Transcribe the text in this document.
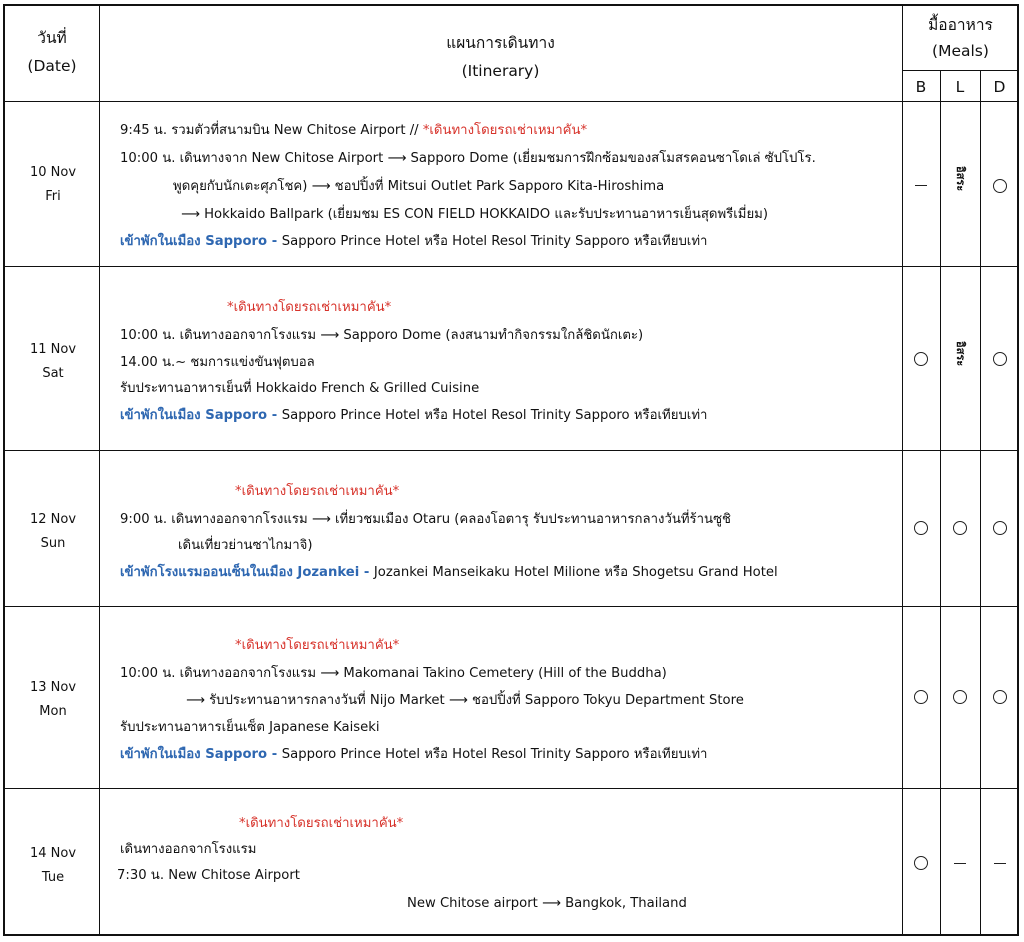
วันที่
(Date)
แผนการเดินทาง
(Itinerary)
มื้ออาหาร
(Meals)
B	L	D
10 Nov
Fri
9:45 น. รวมตัวที่สนามบิน New Chitose Airport // *เดินทางโดยรถเช่าเหมาคัน*
10:00 น. เดินทางจาก New Chitose Airport ⟶ Sapporo Dome (เยี่ยมชมการฝึกซ้อมของสโมสรคอนซาโดเล่ ซัปโปโร.
พูดคุยกับนักเตะศุภโชค) ⟶ ชอปปิ้งที่ Mitsui Outlet Park Sapporo Kita-Hiroshima
⟶ Hokkaido Ballpark (เยี่ยมชม ES CON FIELD HOKKAIDO และรับประทานอาหารเย็นสุดพรีเมี่ยม)
เข้าพักในเมือง Sapporo - Sapporo Prince Hotel หรือ Hotel Resol Trinity Sapporo หรือเทียบเท่า
อิสระ
11 Nov
Sat
*เดินทางโดยรถเช่าเหมาคัน*
10:00 น. เดินทางออกจากโรงแรม ⟶ Sapporo Dome (ลงสนามทำกิจกรรมใกล้ชิดนักเตะ)
14.00 น.~ ชมการแข่งขันฟุตบอล
รับประทานอาหารเย็นที่ Hokkaido French & Grilled Cuisine
เข้าพักในเมือง Sapporo - Sapporo Prince Hotel หรือ Hotel Resol Trinity Sapporo หรือเทียบเท่า
อิสระ
12 Nov
Sun
*เดินทางโดยรถเช่าเหมาคัน*
9:00 น. เดินทางออกจากโรงแรม ⟶ เที่ยวชมเมือง Otaru (คลองโอตารุ รับประทานอาหารกลางวันที่ร้านซูชิ
เดินเที่ยวย่านซาไกมาจิ)
เข้าพักโรงแรมออนเซ็นในเมือง Jozankei - Jozankei Manseikaku Hotel Milione หรือ Shogetsu Grand Hotel
13 Nov
Mon
*เดินทางโดยรถเช่าเหมาคัน*
10:00 น. เดินทางออกจากโรงแรม ⟶ Makomanai Takino Cemetery (Hill of the Buddha)
⟶ รับประทานอาหารกลางวันที่ Nijo Market ⟶ ชอปปิ้งที่ Sapporo Tokyu Department Store
รับประทานอาหารเย็นเซ็ต Japanese Kaiseki
เข้าพักในเมือง Sapporo - Sapporo Prince Hotel หรือ Hotel Resol Trinity Sapporo หรือเทียบเท่า
14 Nov
Tue
*เดินทางโดยรถเช่าเหมาคัน*
เดินทางออกจากโรงแรม
7:30 น. New Chitose Airport
New Chitose airport ⟶ Bangkok, Thailand
